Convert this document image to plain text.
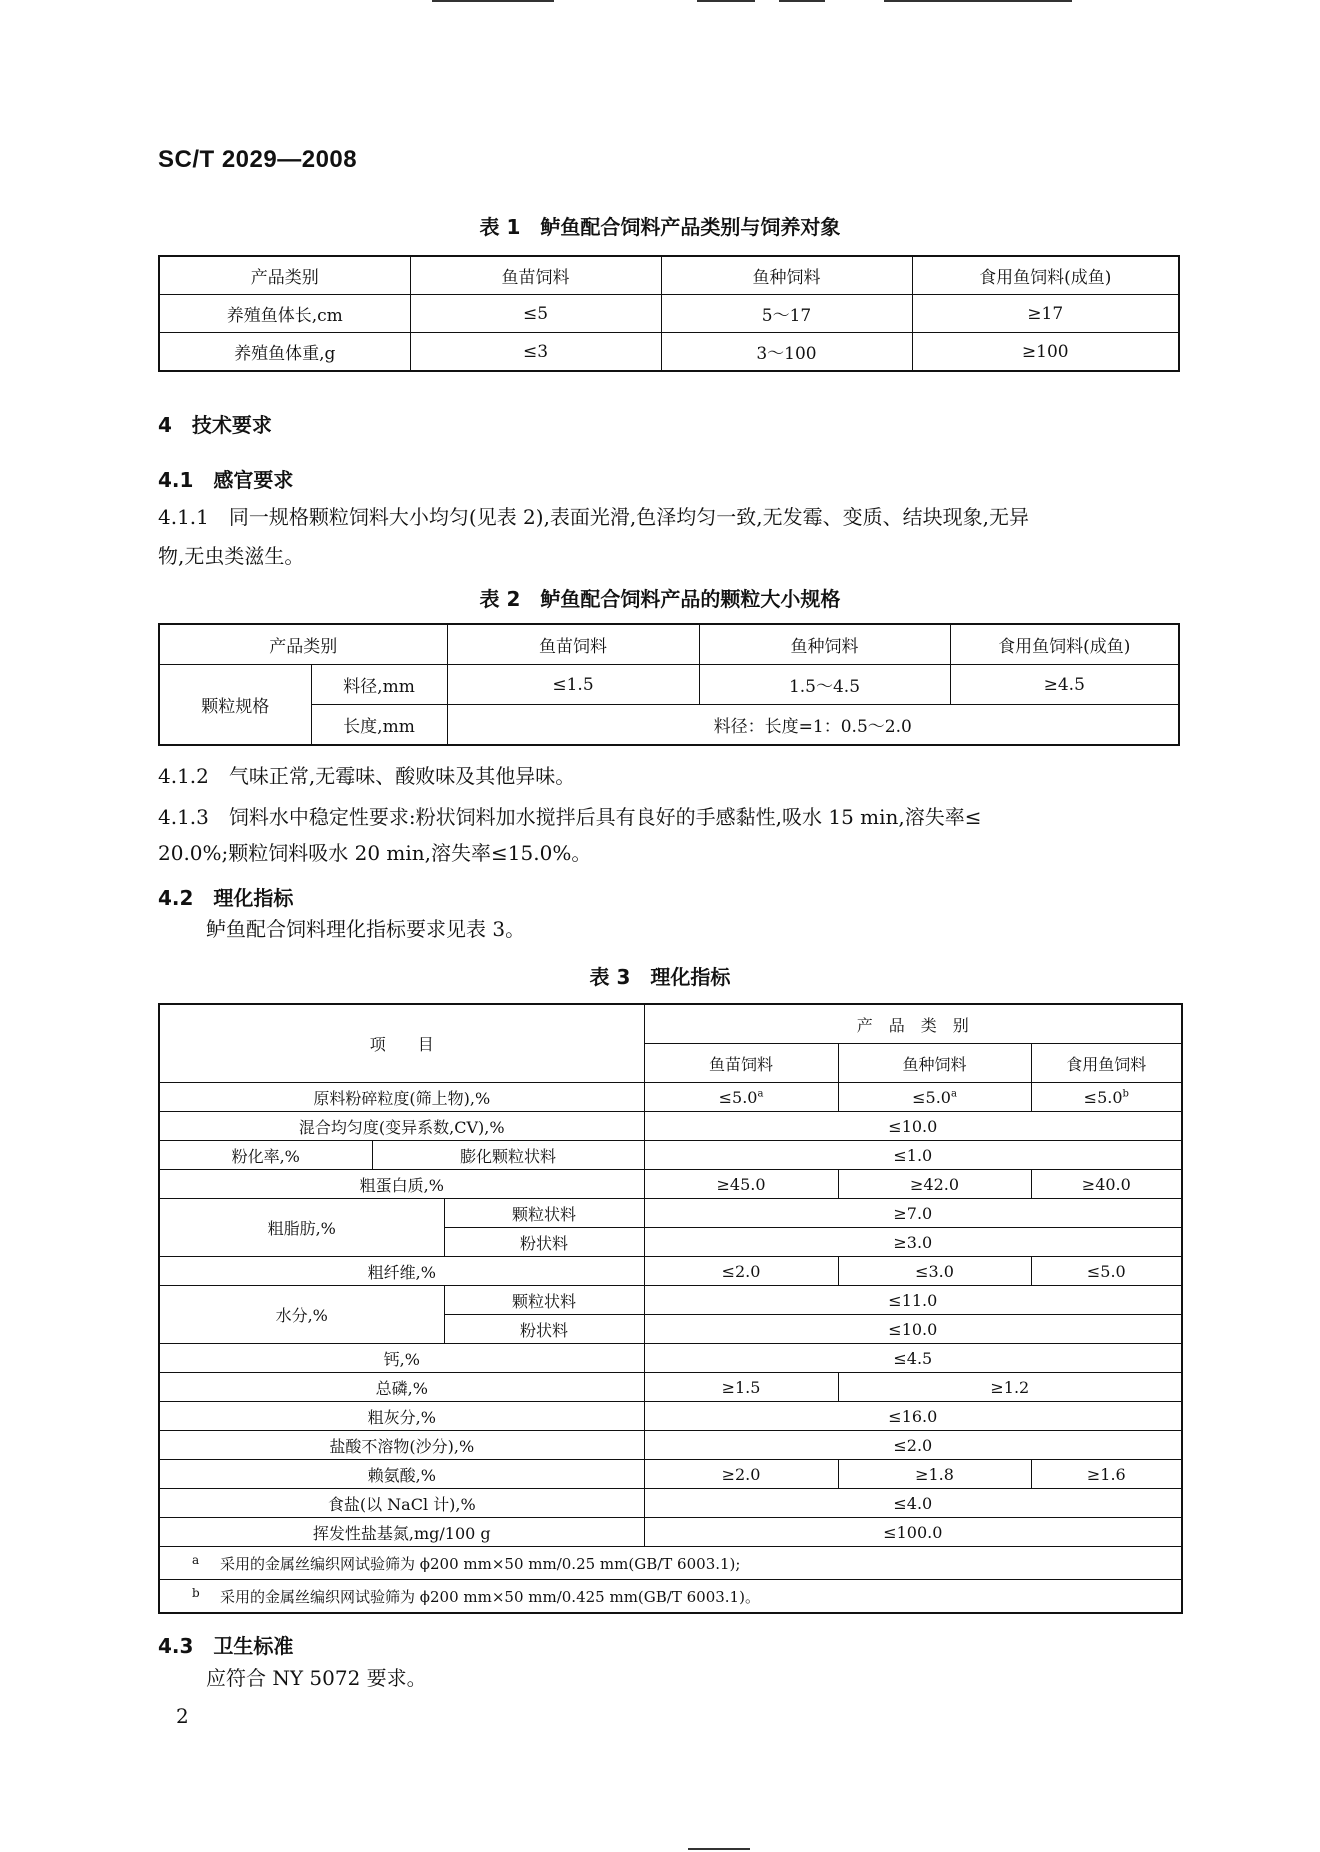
SC/T 2029—2008
表 1　鲈鱼配合饲料产品类别与饲养对象
产品类别	鱼苗饲料	鱼种饲料	食用鱼饲料(成鱼)
养殖鱼体长,cm	≤5	5～17	≥17
养殖鱼体重,g	≤3	3～100	≥100
4　技术要求
4.1　感官要求
4.1.1　同一规格颗粒饲料大小均匀(见表 2),表面光滑,色泽均匀一致,无发霉、变质、结块现象,无异
物,无虫类滋生。
表 2　鲈鱼配合饲料产品的颗粒大小规格
产品类别		鱼苗饲料	鱼种饲料	食用鱼饲料(成鱼)
颗粒规格	料径,mm	≤1.5	1.5～4.5	≥4.5
	长度,mm	料径：长度=1：0.5～2.0		
4.1.2　气味正常,无霉味、酸败味及其他异味。
4.1.3　饲料水中稳定性要求:粉状饲料加水搅拌后具有良好的手感黏性,吸水 15 min,溶失率≤
20.0%;颗粒饲料吸水 20 min,溶失率≤15.0%。
4.2　理化指标
鲈鱼配合饲料理化指标要求见表 3。
表 3　理化指标
项　　目			产　品　类　别		
			鱼苗饲料	鱼种饲料	食用鱼饲料
原料粉碎粒度(筛上物),%			≤5.0$^a$	≤5.0$^a$	≤5.0$^b$
混合均匀度(变异系数,CV),%			≤10.0		
粉化率,%	膨化颗粒状料		≤1.0		
粗蛋白质,%			≥45.0	≥42.0	≥40.0
粗脂肪,%		颗粒状料	≥7.0		
		粉状料	≥3.0		
粗纤维,%			≤2.0	≤3.0	≤5.0
水分,%		颗粒状料	≤11.0		
		粉状料	≤10.0		
钙,%			≤4.5		
总磷,%			≥1.5	≥1.2	
粗灰分,%			≤16.0		
盐酸不溶物(沙分),%			≤2.0		
赖氨酸,%			≥2.0	≥1.8	≥1.6
食盐(以 NaCl 计),%			≤4.0		
挥发性盐基氮,mg/100 g			≤100.0		
a 采用的金属丝编织网试验筛为 ϕ200 mm×50 mm/0.25 mm(GB/T 6003.1);					
b 采用的金属丝编织网试验筛为 ϕ200 mm×50 mm/0.425 mm(GB/T 6003.1)。					
4.3　卫生标准
应符合 NY 5072 要求。
2
